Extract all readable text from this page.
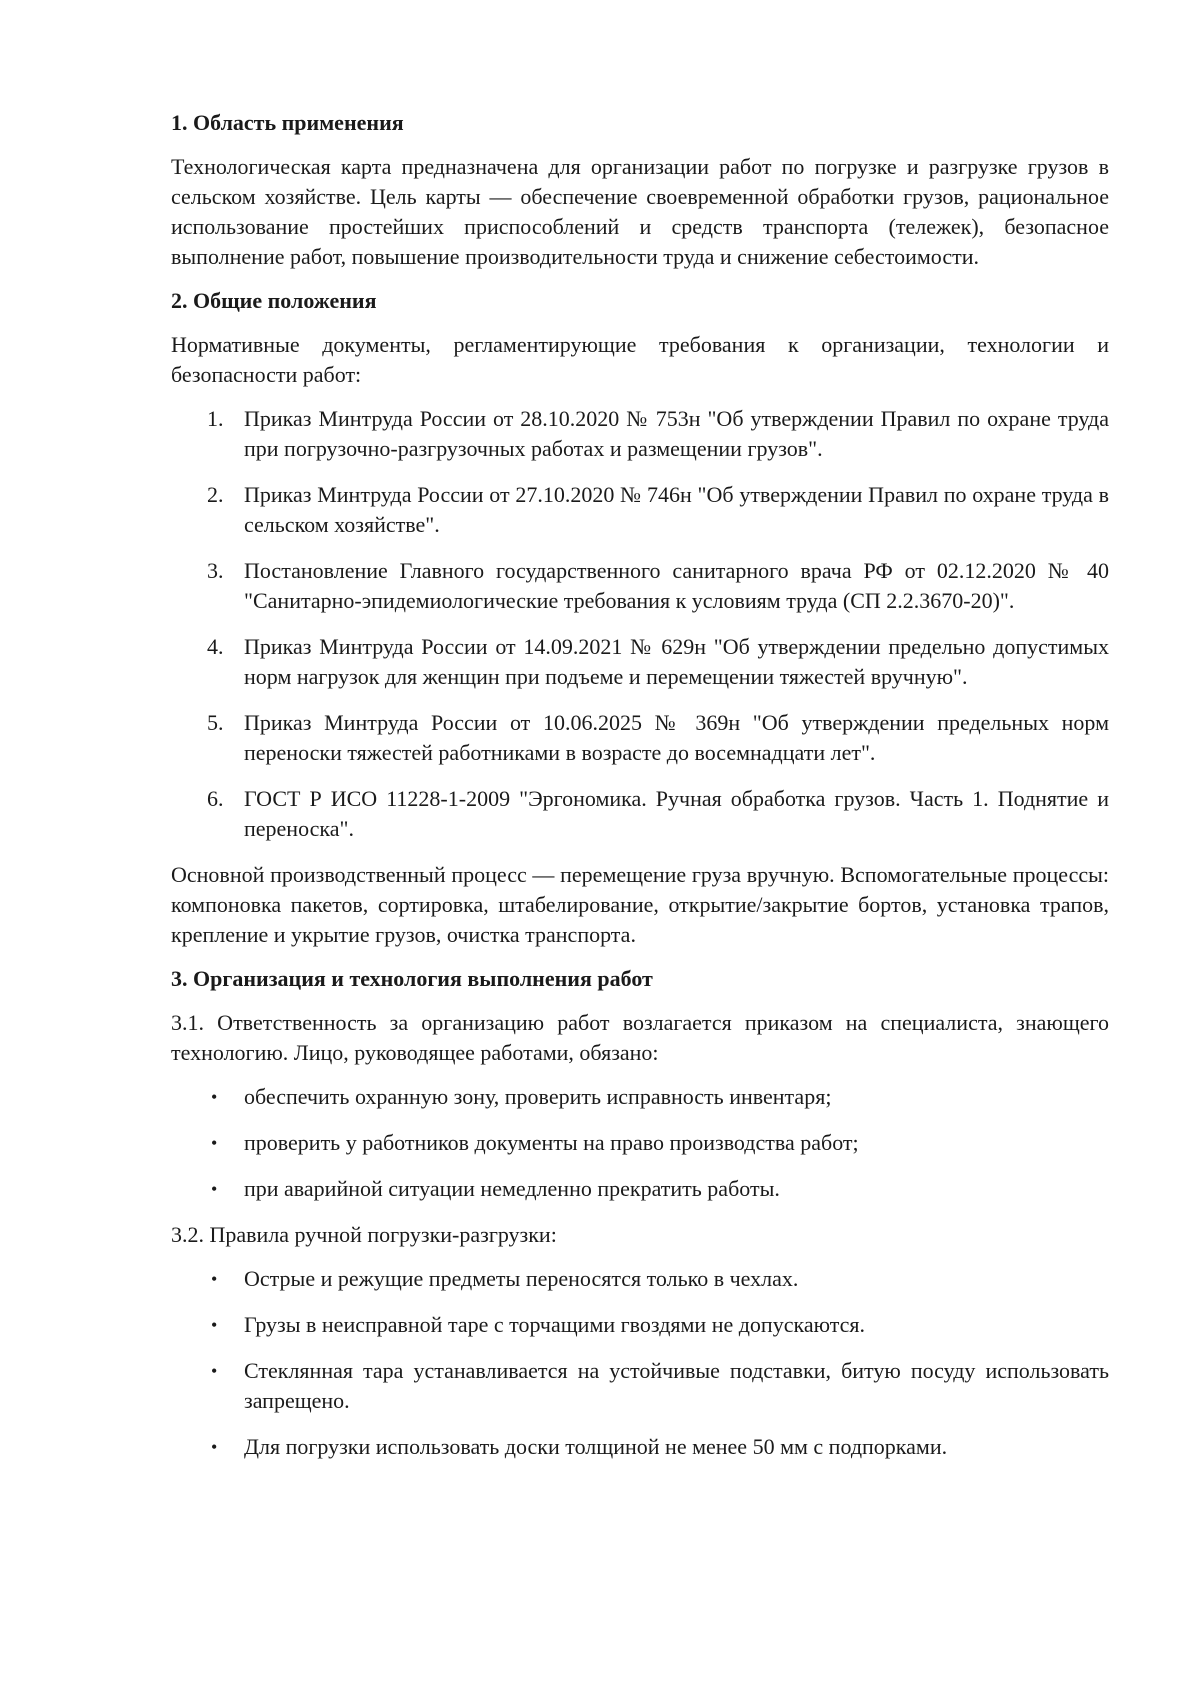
1. Область применения

Технологическая карта предназначена для организации работ по погрузке и разгрузке грузов в сельском хозяйстве. Цель карты — обеспечение своевременной обработки грузов, рациональное использование простейших приспособлений и средств транспорта (тележек), безопасное выполнение работ, повышение производительности труда и снижение себестоимости.

2. Общие положения

Нормативные документы, регламентирующие требования к организации, технологии и безопасности работ:

1. Приказ Минтруда России от 28.10.2020 № 753н "Об утверждении Правил по охране труда при погрузочно-разгрузочных работах и размещении грузов".
2. Приказ Минтруда России от 27.10.2020 № 746н "Об утверждении Правил по охране труда в сельском хозяйстве".
3. Постановление Главного государственного санитарного врача РФ от 02.12.2020 № 40 "Санитарно-эпидемиологические требования к условиям труда (СП 2.2.3670-20)".
4. Приказ Минтруда России от 14.09.2021 № 629н "Об утверждении предельно допустимых норм нагрузок для женщин при подъеме и перемещении тяжестей вручную".
5. Приказ Минтруда России от 10.06.2025 № 369н "Об утверждении предельных норм переноски тяжестей работниками в возрасте до восемнадцати лет".
6. ГОСТ Р ИСО 11228-1-2009 "Эргономика. Ручная обработка грузов. Часть 1. Поднятие и переноска".

Основной производственный процесс — перемещение груза вручную. Вспомогательные процессы: компоновка пакетов, сортировка, штабелирование, открытие/закрытие бортов, установка трапов, крепление и укрытие грузов, очистка транспорта.

3. Организация и технология выполнения работ

3.1. Ответственность за организацию работ возлагается приказом на специалиста, знающего технологию. Лицо, руководящее работами, обязано:

• обеспечить охранную зону, проверить исправность инвентаря;
• проверить у работников документы на право производства работ;
• при аварийной ситуации немедленно прекратить работы.

3.2. Правила ручной погрузки-разгрузки:

• Острые и режущие предметы переносятся только в чехлах.
• Грузы в неисправной таре с торчащими гвоздями не допускаются.
• Стеклянная тара устанавливается на устойчивые подставки, битую посуду использовать запрещено.
• Для погрузки использовать доски толщиной не менее 50 мм с подпорками.
